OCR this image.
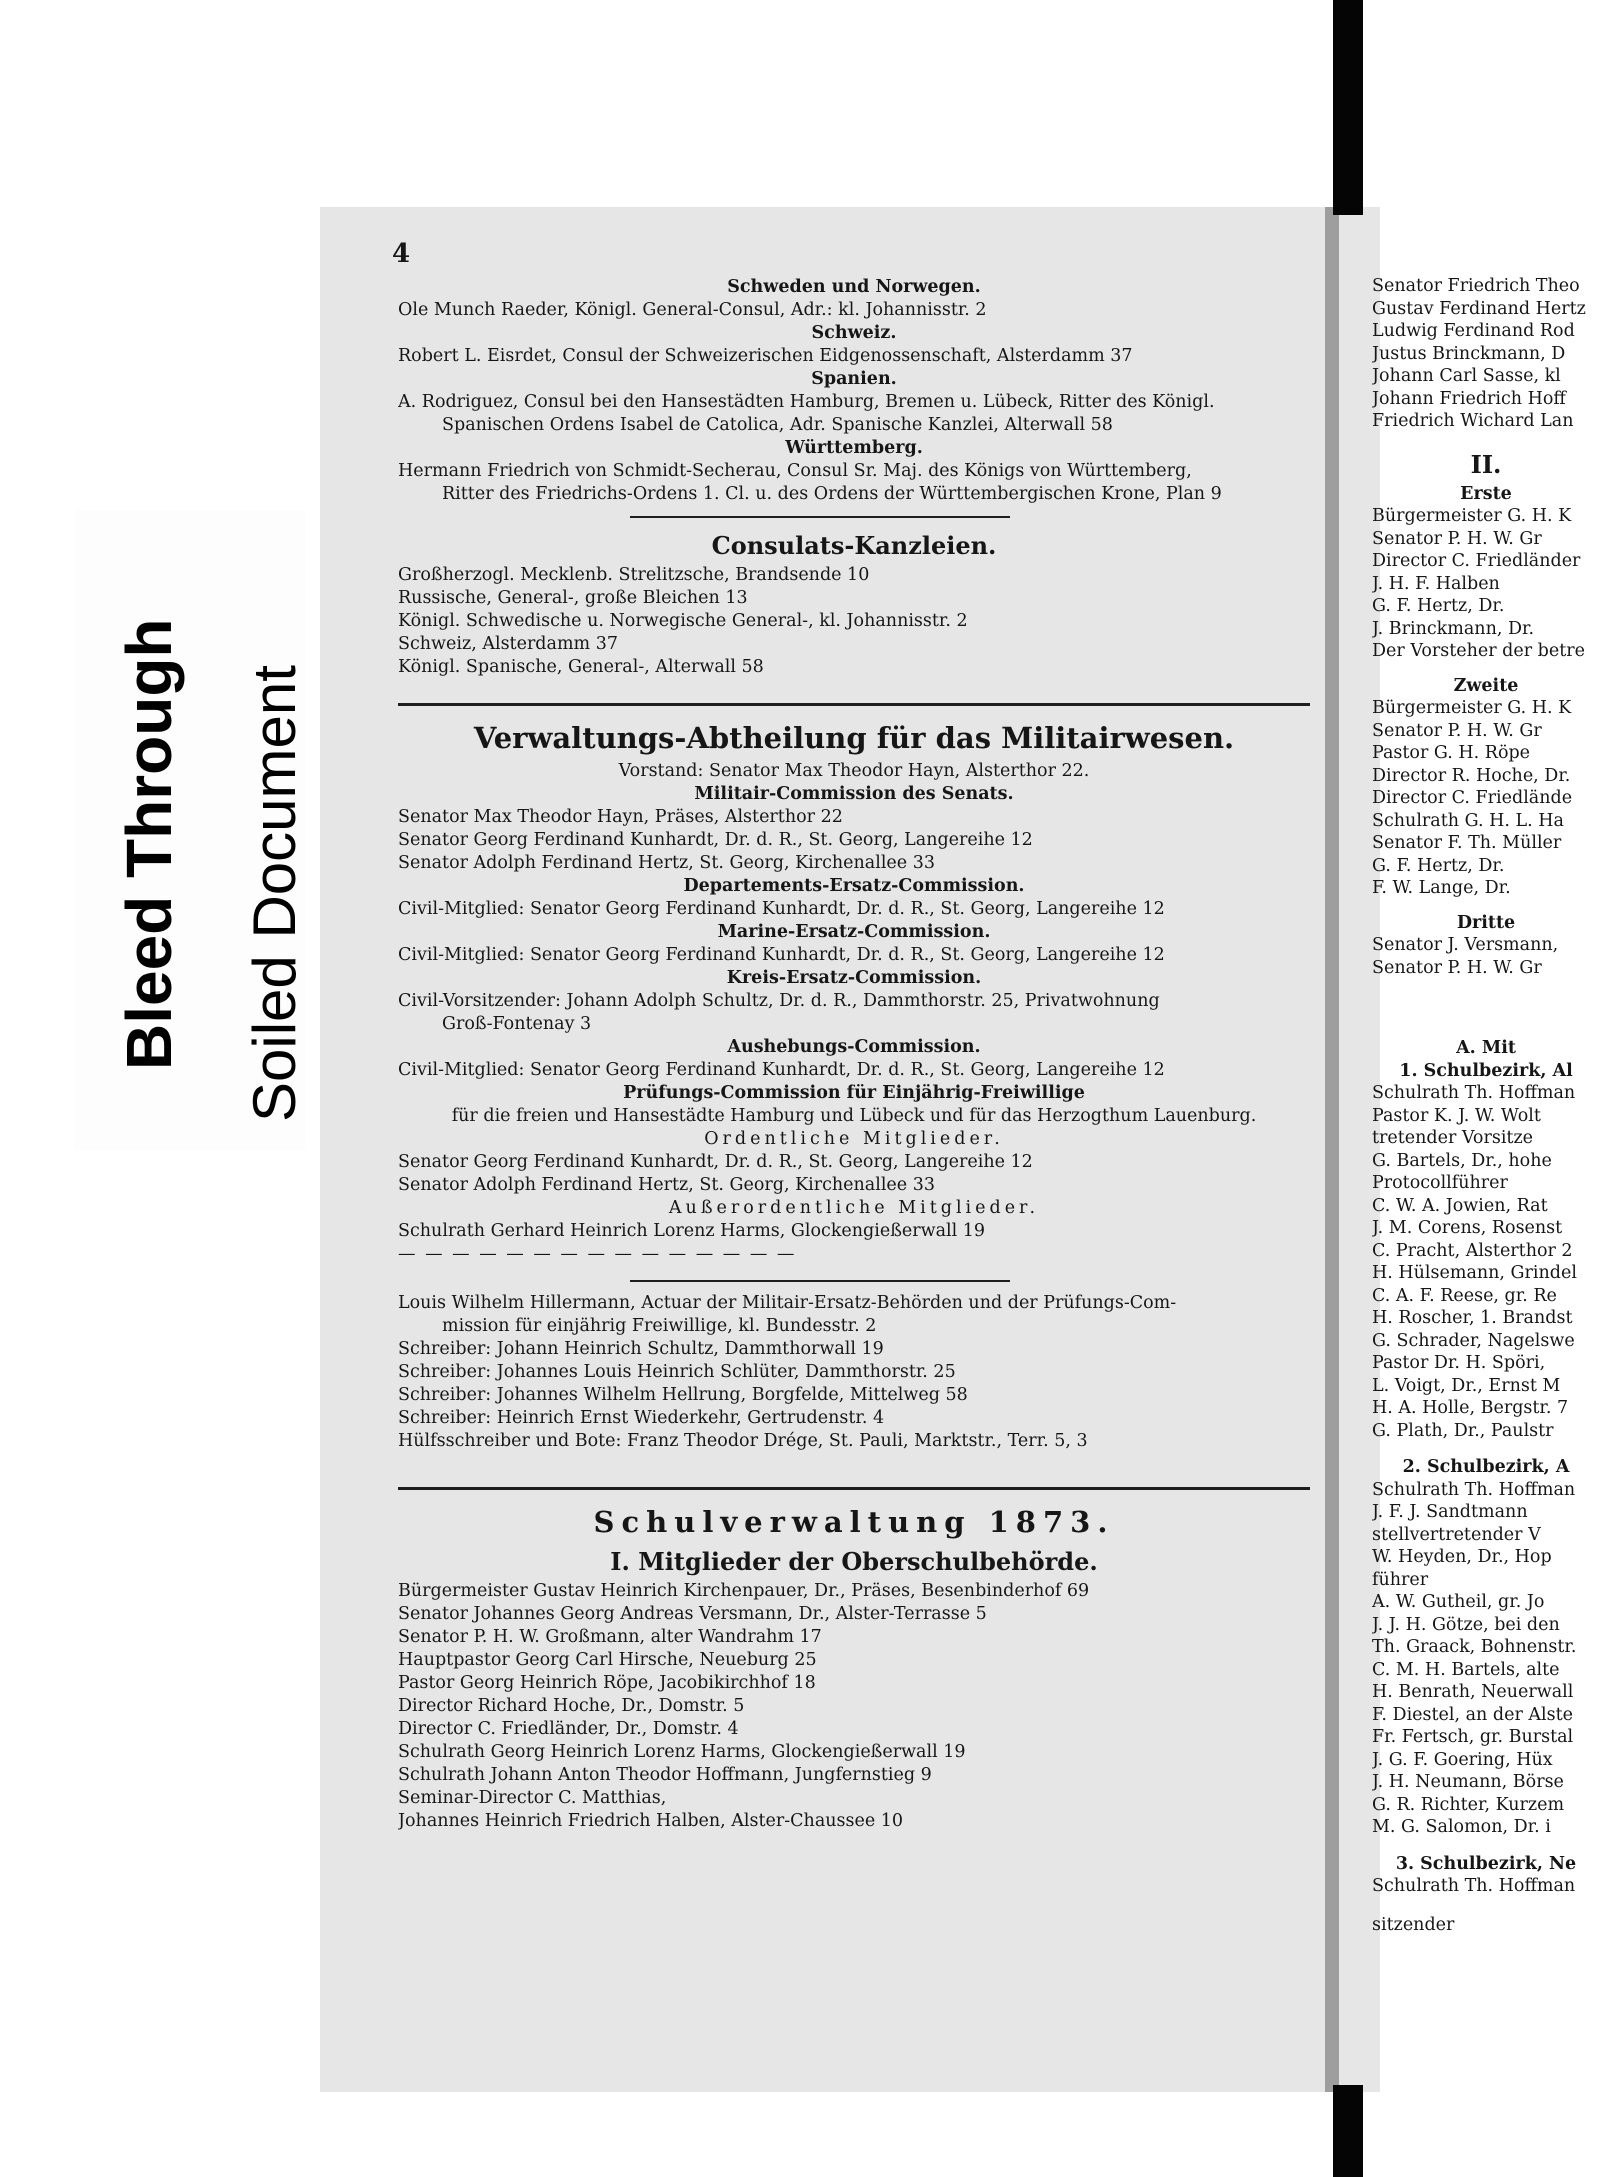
Bleed Through Soiled Document
4
Schweden und Norwegen.
Ole Munch Raeder, Königl. General-Consul, Adr.: kl. Johannisstr. 2
Schweiz.
Robert L. Eisrdet, Consul der Schweizerischen Eidgenossenschaft, Alsterdamm 37
Spanien.
A. Rodriguez, Consul bei den Hansestädten Hamburg, Bremen u. Lübeck, Ritter des Königl.
Spanischen Ordens Isabel de Catolica, Adr. Spanische Kanzlei, Alterwall 58
Württemberg.
Hermann Friedrich von Schmidt-Secherau, Consul Sr. Maj. des Königs von Württemberg,
Ritter des Friedrichs-Ordens 1. Cl. u. des Ordens der Württembergischen Krone, Plan 9
Consulats-Kanzleien.
Großherzogl. Mecklenb. Strelitzsche, Brandsende 10
Russische, General-, große Bleichen 13
Königl. Schwedische u. Norwegische General-, kl. Johannisstr. 2
Schweiz, Alsterdamm 37
Königl. Spanische, General-, Alterwall 58
Verwaltungs-Abtheilung für das Militairwesen.
Vorstand: Senator Max Theodor Hayn, Alsterthor 22.
Militair-Commission des Senats.
Senator Max Theodor Hayn, Präses, Alsterthor 22
Senator Georg Ferdinand Kunhardt, Dr. d. R., St. Georg, Langereihe 12
Senator Adolph Ferdinand Hertz, St. Georg, Kirchenallee 33
Departements-Ersatz-Commission.
Civil-Mitglied: Senator Georg Ferdinand Kunhardt, Dr. d. R., St. Georg, Langereihe 12
Marine-Ersatz-Commission.
Civil-Mitglied: Senator Georg Ferdinand Kunhardt, Dr. d. R., St. Georg, Langereihe 12
Kreis-Ersatz-Commission.
Civil-Vorsitzender: Johann Adolph Schultz, Dr. d. R., Dammthorstr. 25, Privatwohnung
Groß-Fontenay 3
Aushebungs-Commission.
Civil-Mitglied: Senator Georg Ferdinand Kunhardt, Dr. d. R., St. Georg, Langereihe 12
Prüfungs-Commission für Einjährig-Freiwillige
für die freien und Hansestädte Hamburg und Lübeck und für das Herzogthum Lauenburg.
Ordentliche Mitglieder.
Senator Georg Ferdinand Kunhardt, Dr. d. R., St. Georg, Langereihe 12
Senator Adolph Ferdinand Hertz, St. Georg, Kirchenallee 33
Außerordentliche Mitglieder.
Schulrath Gerhard Heinrich Lorenz Harms, Glockengießerwall 19
— — — — — — — — — — — — — — —
Louis Wilhelm Hillermann, Actuar der Militair-Ersatz-Behörden und der Prüfungs-Com-
mission für einjährig Freiwillige, kl. Bundesstr. 2
Schreiber: Johann Heinrich Schultz, Dammthorwall 19
Schreiber: Johannes Louis Heinrich Schlüter, Dammthorstr. 25
Schreiber: Johannes Wilhelm Hellrung, Borgfelde, Mittelweg 58
Schreiber: Heinrich Ernst Wiederkehr, Gertrudenstr. 4
Hülfsschreiber und Bote: Franz Theodor Drége, St. Pauli, Marktstr., Terr. 5, 3
Schulverwaltung 1873.
I. Mitglieder der Oberschulbehörde.
Bürgermeister Gustav Heinrich Kirchenpauer, Dr., Präses, Besenbinderhof 69
Senator Johannes Georg Andreas Versmann, Dr., Alster-Terrasse 5
Senator P. H. W. Großmann, alter Wandrahm 17
Hauptpastor Georg Carl Hirsche, Neueburg 25
Pastor Georg Heinrich Röpe, Jacobikirchhof 18
Director Richard Hoche, Dr., Domstr. 5
Director C. Friedländer, Dr., Domstr. 4
Schulrath Georg Heinrich Lorenz Harms, Glockengießerwall 19
Schulrath Johann Anton Theodor Hoffmann, Jungfernstieg 9
Seminar-Director C. Matthias,
Johannes Heinrich Friedrich Halben, Alster-Chaussee 10
Senator Friedrich Theo
Gustav Ferdinand Hertz
Ludwig Ferdinand Rod
Justus Brinckmann, D
Johann Carl Sasse, kl
Johann Friedrich Hoff
Friedrich Wichard Lan
II.
Erste
Bürgermeister G. H. K
Senator P. H. W. Gr
Director C. Friedländer
J. H. F. Halben
G. F. Hertz, Dr.
J. Brinckmann, Dr.
Der Vorsteher der betre
Zweite
Bürgermeister G. H. K
Senator P. H. W. Gr
Pastor G. H. Röpe
Director R. Hoche, Dr.
Director C. Friedlände
Schulrath G. H. L. Ha
Senator F. Th. Müller
G. F. Hertz, Dr.
F. W. Lange, Dr.
Dritte
Senator J. Versmann,
Senator P. H. W. Gr
A. Mit
1. Schulbezirk, Al
Schulrath Th. Hoffman
Pastor K. J. W. Wolt
tretender Vorsitze
G. Bartels, Dr., hohe
Protocollführer
C. W. A. Jowien, Rat
J. M. Corens, Rosenst
C. Pracht, Alsterthor 2
H. Hülsemann, Grindel
C. A. F. Reese, gr. Re
H. Roscher, 1. Brandst
G. Schrader, Nagelswe
Pastor Dr. H. Spöri,
L. Voigt, Dr., Ernst M
H. A. Holle, Bergstr. 7
G. Plath, Dr., Paulstr
2. Schulbezirk, A
Schulrath Th. Hoffman
J. F. J. Sandtmann
stellvertretender V
W. Heyden, Dr., Hop
führer
A. W. Gutheil, gr. Jo
J. J. H. Götze, bei den
Th. Graack, Bohnenstr.
C. M. H. Bartels, alte
H. Benrath, Neuerwall
F. Diestel, an der Alste
Fr. Fertsch, gr. Burstal
J. G. F. Goering, Hüx
J. H. Neumann, Börse
G. R. Richter, Kurzem
M. G. Salomon, Dr. i
3. Schulbezirk, Ne
Schulrath Th. Hoffman
sitzender
